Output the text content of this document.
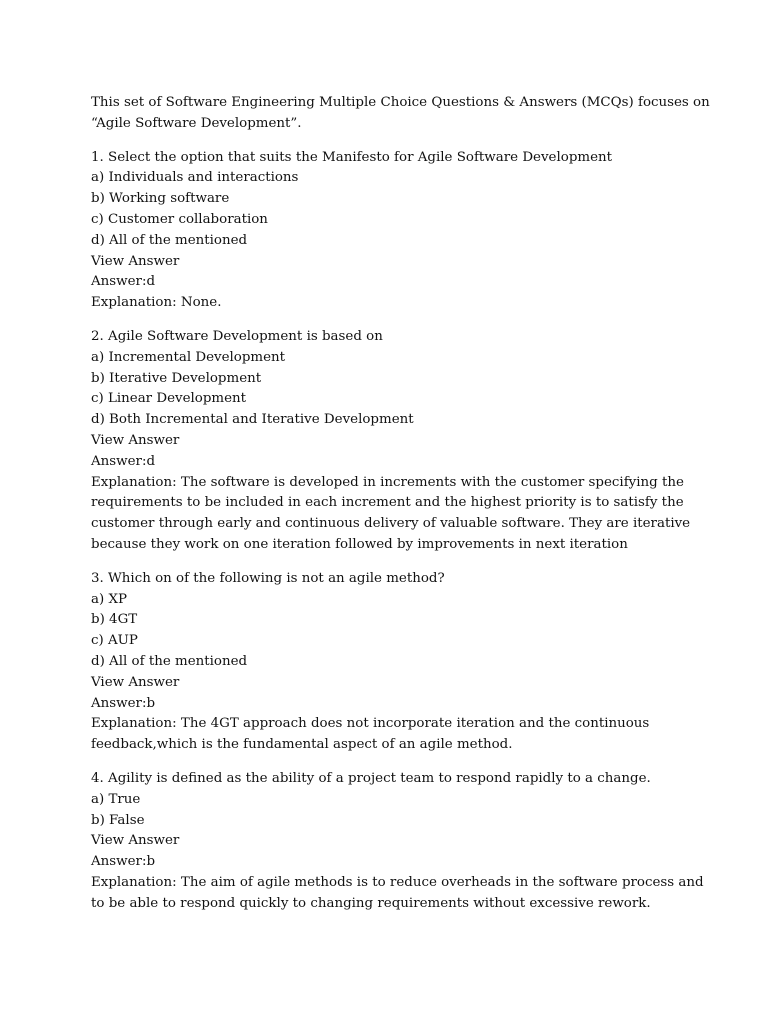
This set of Software Engineering Multiple Choice Questions & Answers (MCQs) focuses on

“Agile Software Development”.

1. Select the option that suits the Manifesto for Agile Software Development

a) Individuals and interactions

b) Working software

c) Customer collaboration

d) All of the mentioned

View Answer

Answer:d

Explanation: None.

2. Agile Software Development is based on

a) Incremental Development

b) Iterative Development

c) Linear Development

d) Both Incremental and Iterative Development

View Answer

Answer:d

Explanation: The software is developed in increments with the customer specifying the

requirements to be included in each increment and the highest priority is to satisfy the

customer through early and continuous delivery of valuable software. They are iterative

because they work on one iteration followed by improvements in next iteration

3. Which on of the following is not an agile method?

a) XP

b) 4GT

c) AUP

d) All of the mentioned

View Answer

Answer:b

Explanation: The 4GT approach does not incorporate iteration and the continuous

feedback,which is the fundamental aspect of an agile method.

4. Agility is defined as the ability of a project team to respond rapidly to a change.

a) True

b) False

View Answer

Answer:b

Explanation: The aim of agile methods is to reduce overheads in the software process and

to be able to respond quickly to changing requirements without excessive rework.
